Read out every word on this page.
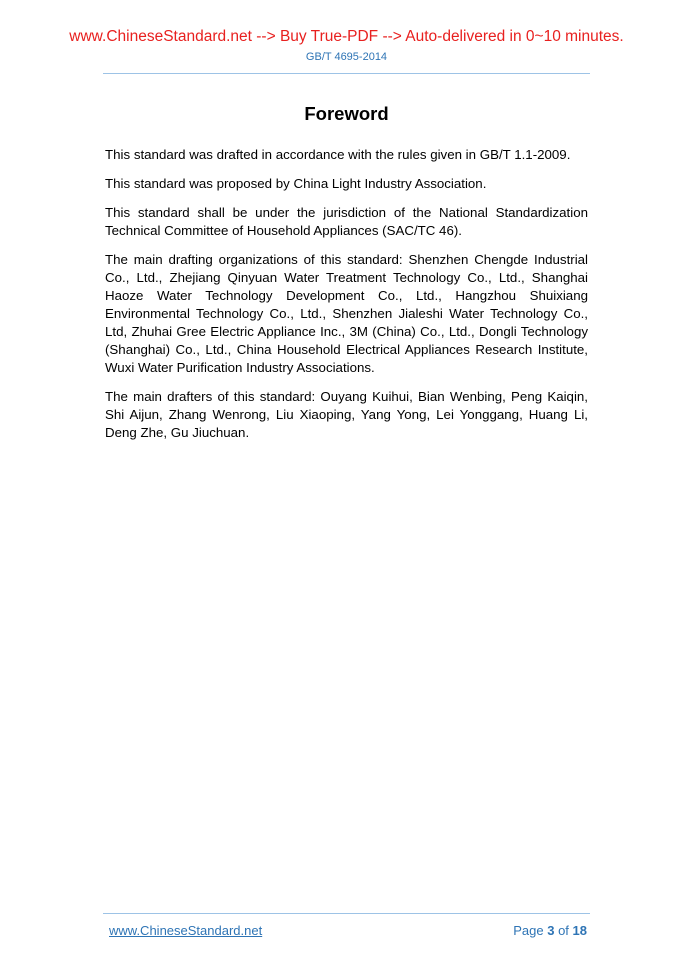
www.ChineseStandard.net --> Buy True-PDF --> Auto-delivered in 0~10 minutes.
GB/T 4695-2014
Foreword

This standard was drafted in accordance with the rules given in GB/T 1.1-2009.

This standard was proposed by China Light Industry Association.

This standard shall be under the jurisdiction of the National Standardization Technical Committee of Household Appliances (SAC/TC 46).

The main drafting organizations of this standard: Shenzhen Chengde Industrial Co., Ltd., Zhejiang Qinyuan Water Treatment Technology Co., Ltd., Shanghai Haoze Water Technology Development Co., Ltd., Hangzhou Shuixiang Environmental Technology Co., Ltd., Shenzhen Jialeshi Water Technology Co., Ltd, Zhuhai Gree Electric Appliance Inc., 3M (China) Co., Ltd., Dongli Technology (Shanghai) Co., Ltd., China Household Electrical Appliances Research Institute, Wuxi Water Purification Industry Associations.

The main drafters of this standard: Ouyang Kuihui, Bian Wenbing, Peng Kaiqin, Shi Aijun, Zhang Wenrong, Liu Xiaoping, Yang Yong, Lei Yonggang, Huang Li, Deng Zhe, Gu Jiuchuan.

www.ChineseStandard.net	Page 3 of 18
